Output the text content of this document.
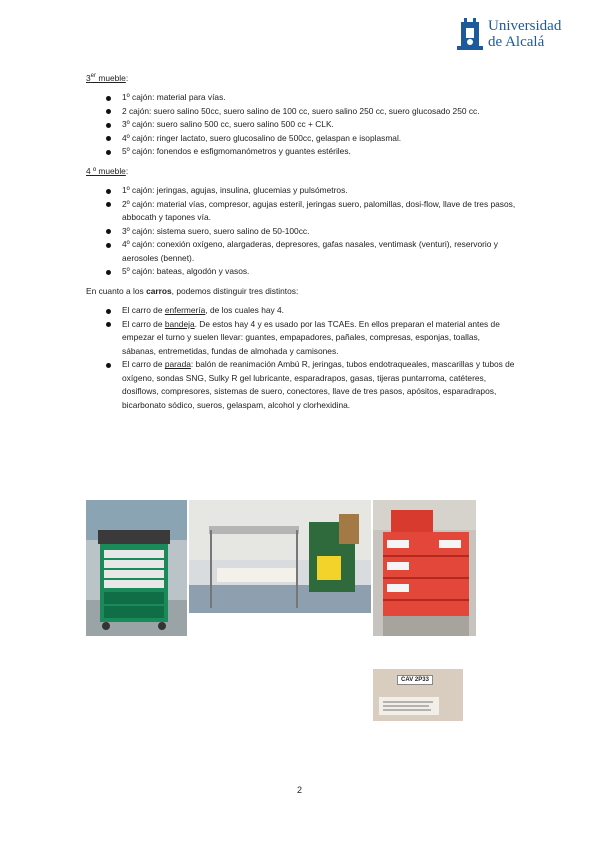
Universidad
de Alcalá
3er mueble:
1º cajón: material para vías.
2 cajón: suero salino 50cc, suero salino de 100 cc, suero salino 250 cc, suero glucosado 250 cc.
3º cajón: suero salino 500 cc, suero salino 500 cc + CLK.
4º cajón: ringer lactato, suero glucosalino de 500cc, gelaspan e isoplasmal.
5º cajón: fonendos e esfigmomanómetros y guantes estériles.
4 º mueble:
1º cajón: jeringas, agujas, insulina, glucemias y pulsómetros.
2º cajón: material vías, compresor, agujas esteril, jeringas suero, palomillas, dosi-flow, llave de tres pasos, abbocath y tapones vía.
3º cajón: sistema suero, suero salino de 50-100cc.
4º cajón: conexión oxígeno, alargaderas, depresores, gafas nasales, ventimask (venturi), reservorio y aerosoles (bennet).
5º cajón: bateas, algodón y vasos.
En cuanto a los carros, podemos distinguir tres distintos:
El carro de enfermería, de los cuales hay 4.
El carro de bandeja. De estos hay 4 y es usado por las TCAEs. En ellos preparan el material antes de empezar el turno y suelen llevar: guantes, empapadores, pañales, compresas, esponjas, toallas, sábanas, entremetidas, fundas de almohada y camisones.
El carro de parada: balón de reanimación Ambú R, jeringas, tubos endotraqueales, mascarillas y tubos de oxígeno, sondas SNG, Sulky R gel lubricante, esparadrapos, gasas, tijeras puntarroma, catéteres, dosiflows, compresores, sistemas de suero, conectores, llave de tres pasos, apósitos, esparadrapos, bicarbonato sódico, sueros, gelaspam, alcohol y clorhexidina.
CAV 2P33
2
